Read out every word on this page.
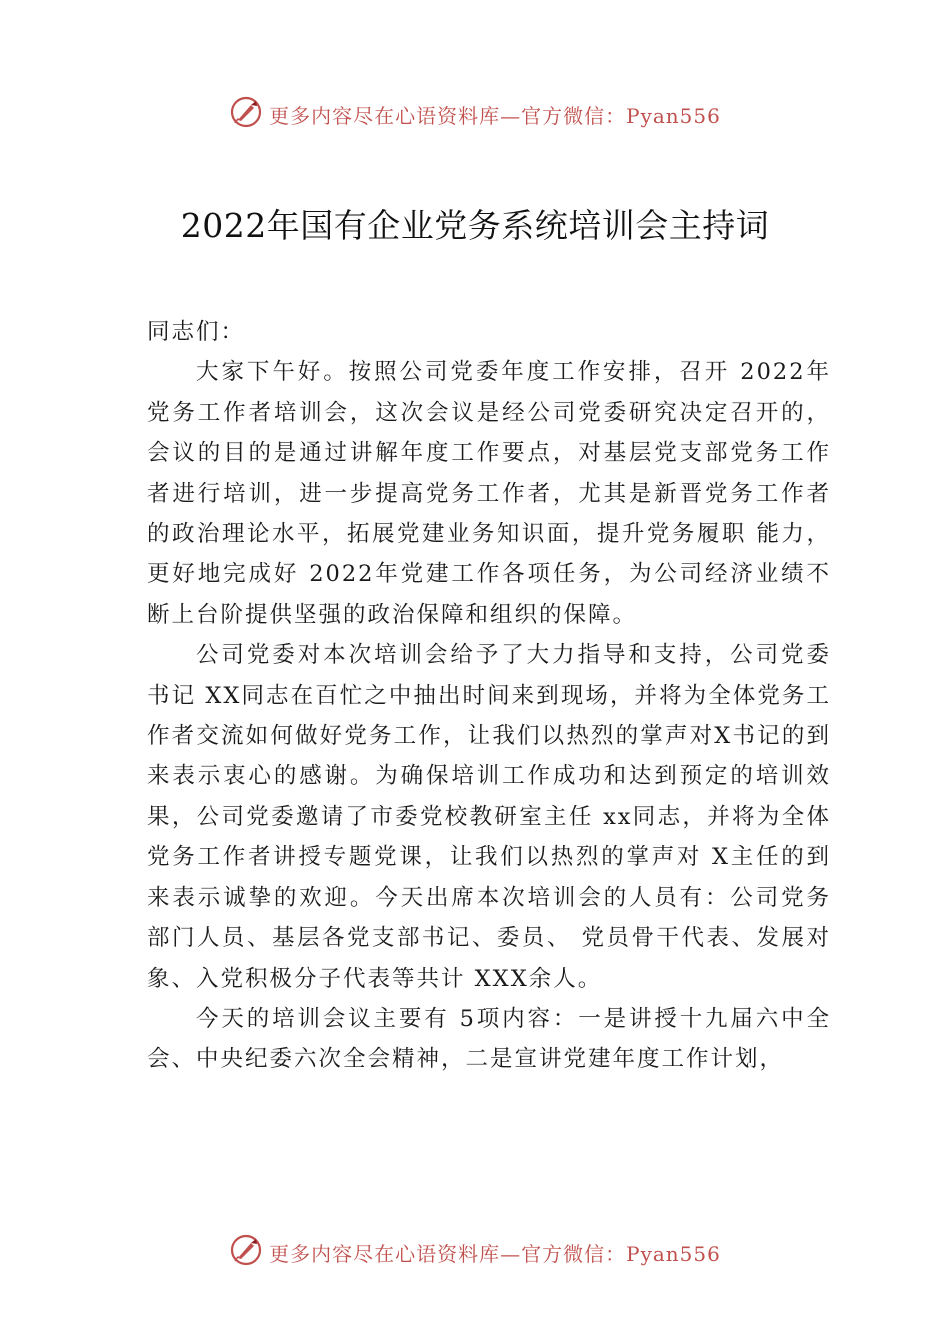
更多内容尽在心语资料库—官方微信：Pyan556
2022年国有企业党务系统培训会主持词

同志们：

大家下午好。按照公司党委年度工作安排，召开 2022年党务工作者培训会，这次会议是经公司党委研究决定召开的，会议的目的是通过讲解年度工作要点，对基层党支部党务工作者进行培训，进一步提高党务工作者，尤其是新晋党务工作者的政治理论水平，拓展党建业务知识面，提升党务履职 能力，更好地完成好 2022年党建工作各项任务，为公司经济业绩不断上台阶提供坚强的政治保障和组织的保障。

公司党委对本次培训会给予了大力指导和支持，公司党委书记 XX同志在百忙之中抽出时间来到现场，并将为全体党务工作者交流如何做好党务工作，让我们以热烈的掌声对X书记的到来表示衷心的感谢。为确保培训工作成功和达到预定的培训效果，公司党委邀请了市委党校教研室主任 xx同志，并将为全体党务工作者讲授专题党课，让我们以热烈的掌声对 X主任的到来表示诚挚的欢迎。今天出席本次培训会的人员有：公司党务部门人员、基层各党支部书记、委员、 党员骨干代表、发展对象、入党积极分子代表等共计 XXX余人。

今天的培训会议主要有 5项内容：一是讲授十九届六中全会、中央纪委六次全会精神，二是宣讲党建年度工作计划，

更多内容尽在心语资料库—官方微信：Pyan556
